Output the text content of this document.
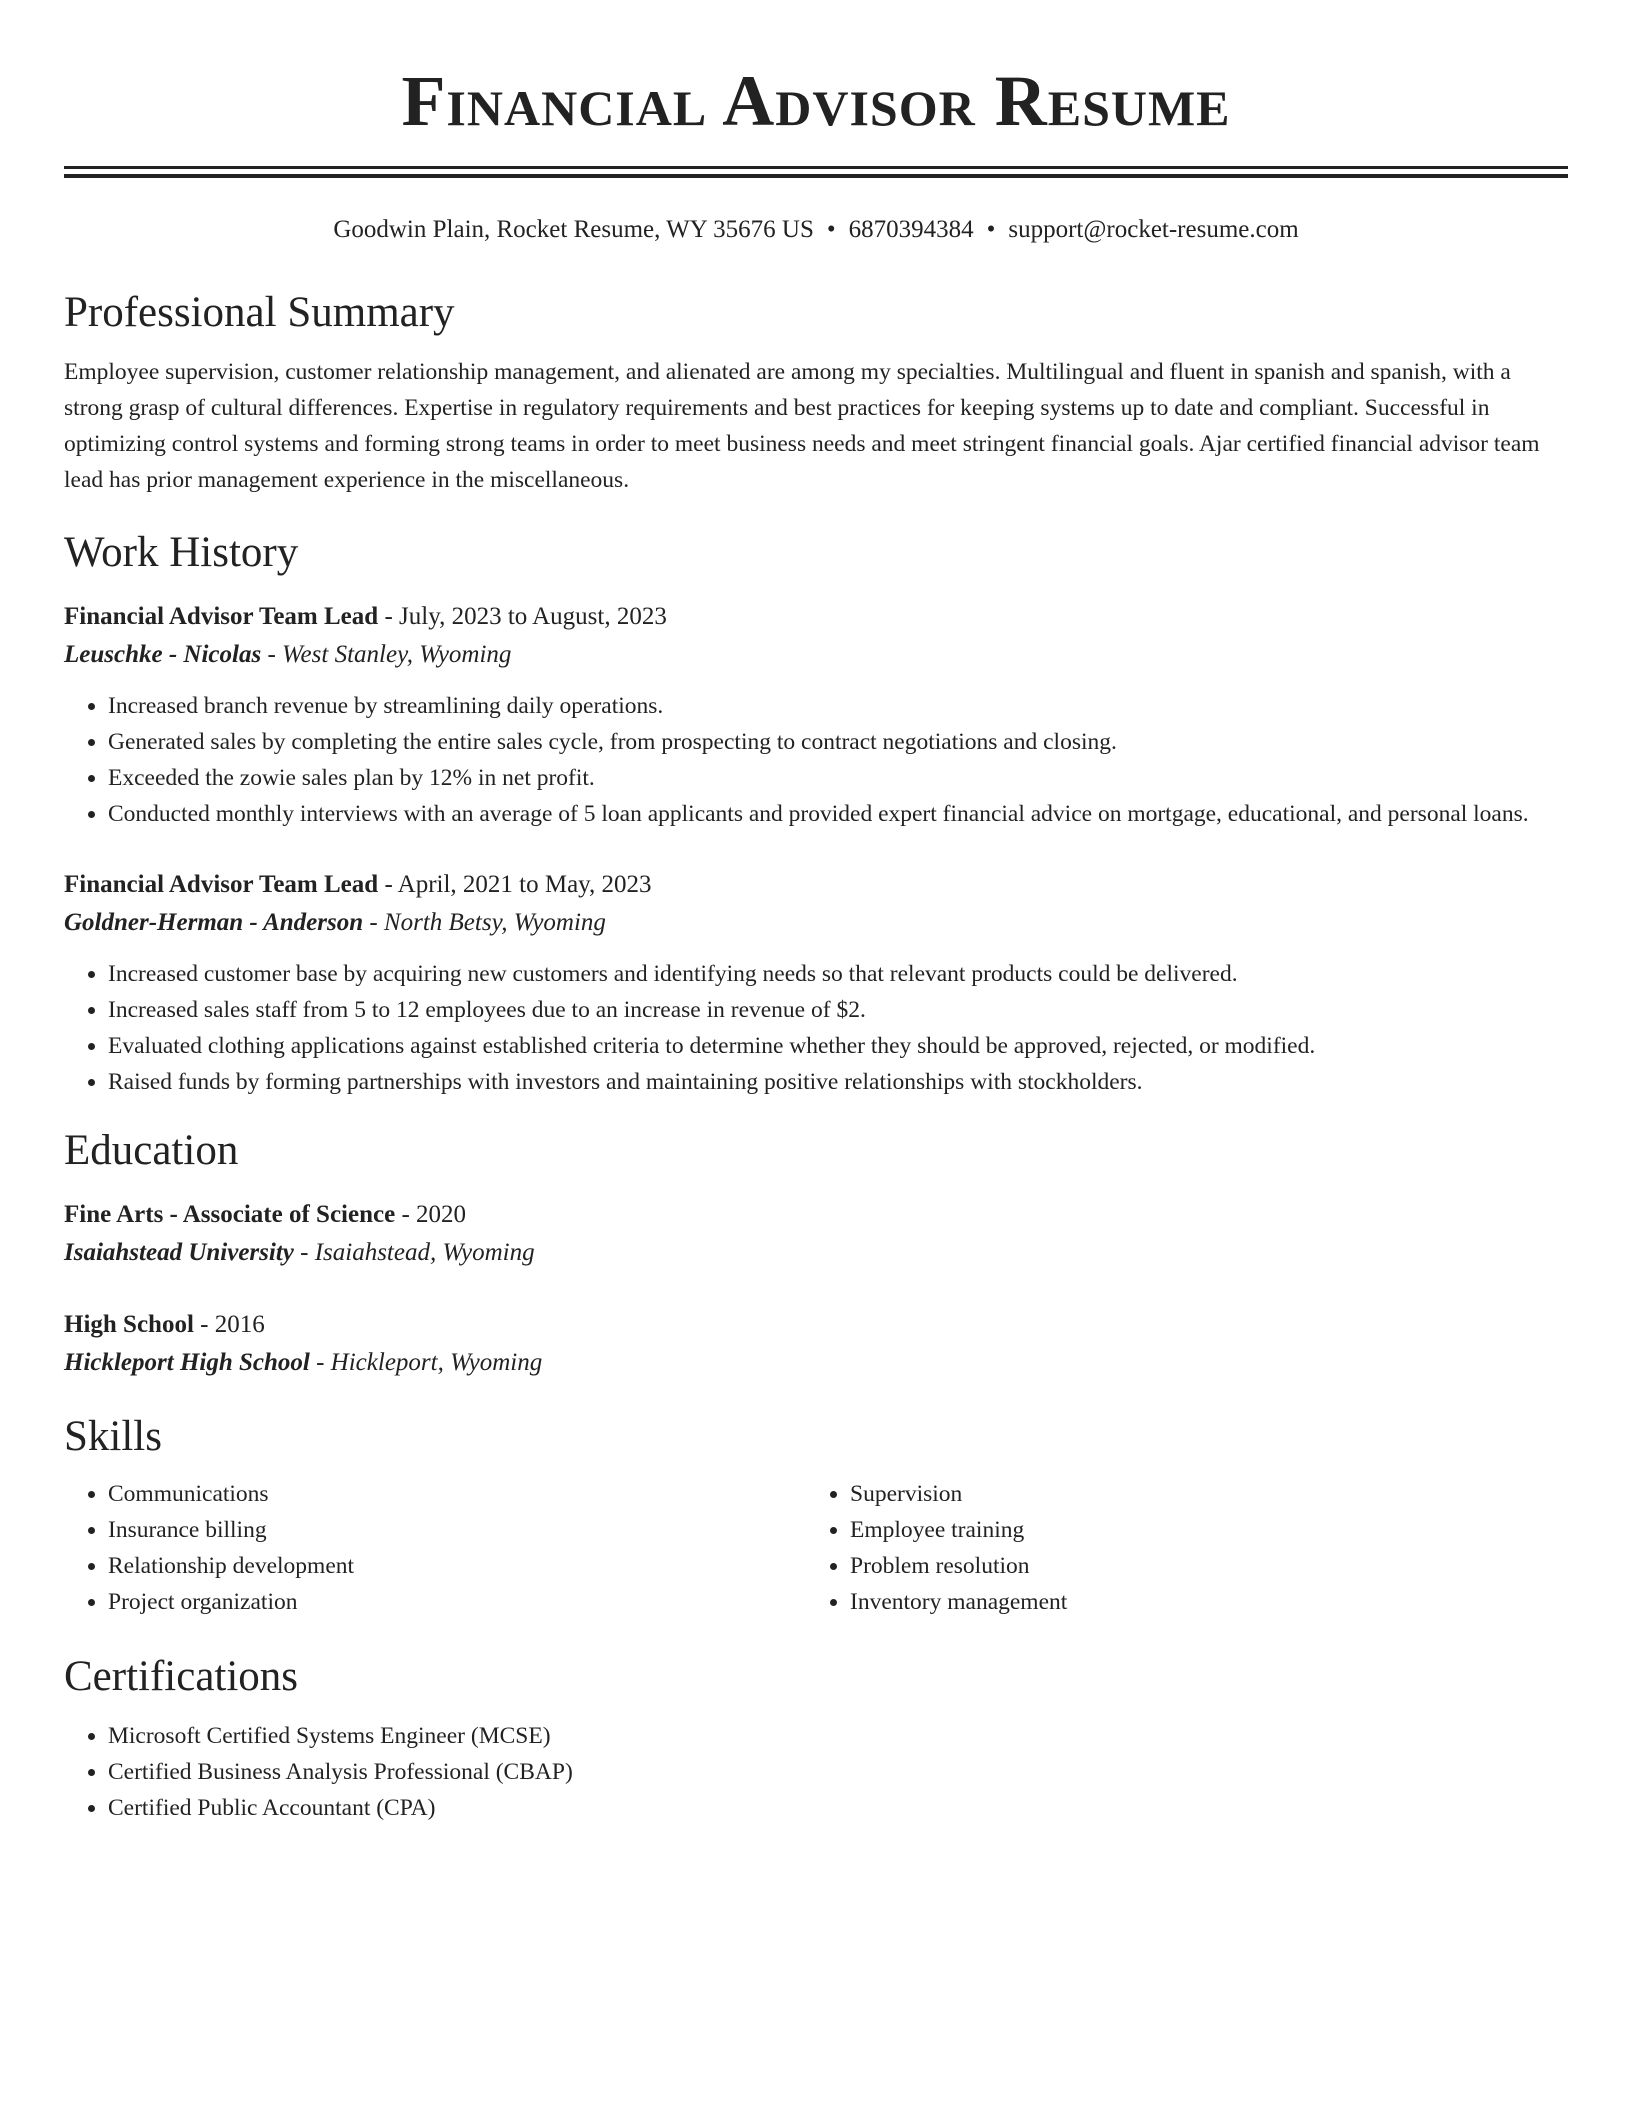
Financial Advisor Resume
Goodwin Plain, Rocket Resume, WY 35676 US • 6870394384 • support@rocket-resume.com
Professional Summary
Employee supervision, customer relationship management, and alienated are among my specialties. Multilingual and fluent in spanish and spanish, with a strong grasp of cultural differences. Expertise in regulatory requirements and best practices for keeping systems up to date and compliant. Successful in optimizing control systems and forming strong teams in order to meet business needs and meet stringent financial goals. Ajar certified financial advisor team lead has prior management experience in the miscellaneous.
Work History
Financial Advisor Team Lead - July, 2023 to August, 2023
Leuschke - Nicolas - West Stanley, Wyoming
• Increased branch revenue by streamlining daily operations.
• Generated sales by completing the entire sales cycle, from prospecting to contract negotiations and closing.
• Exceeded the zowie sales plan by 12% in net profit.
• Conducted monthly interviews with an average of 5 loan applicants and provided expert financial advice on mortgage, educational, and personal loans.
Financial Advisor Team Lead - April, 2021 to May, 2023
Goldner-Herman - Anderson - North Betsy, Wyoming
• Increased customer base by acquiring new customers and identifying needs so that relevant products could be delivered.
• Increased sales staff from 5 to 12 employees due to an increase in revenue of $2.
• Evaluated clothing applications against established criteria to determine whether they should be approved, rejected, or modified.
• Raised funds by forming partnerships with investors and maintaining positive relationships with stockholders.
Education
Fine Arts - Associate of Science - 2020
Isaiahstead University - Isaiahstead, Wyoming
High School - 2016
Hickleport High School - Hickleport, Wyoming
Skills
• Communications
• Insurance billing
• Relationship development
• Project organization
• Supervision
• Employee training
• Problem resolution
• Inventory management
Certifications
• Microsoft Certified Systems Engineer (MCSE)
• Certified Business Analysis Professional (CBAP)
• Certified Public Accountant (CPA)
